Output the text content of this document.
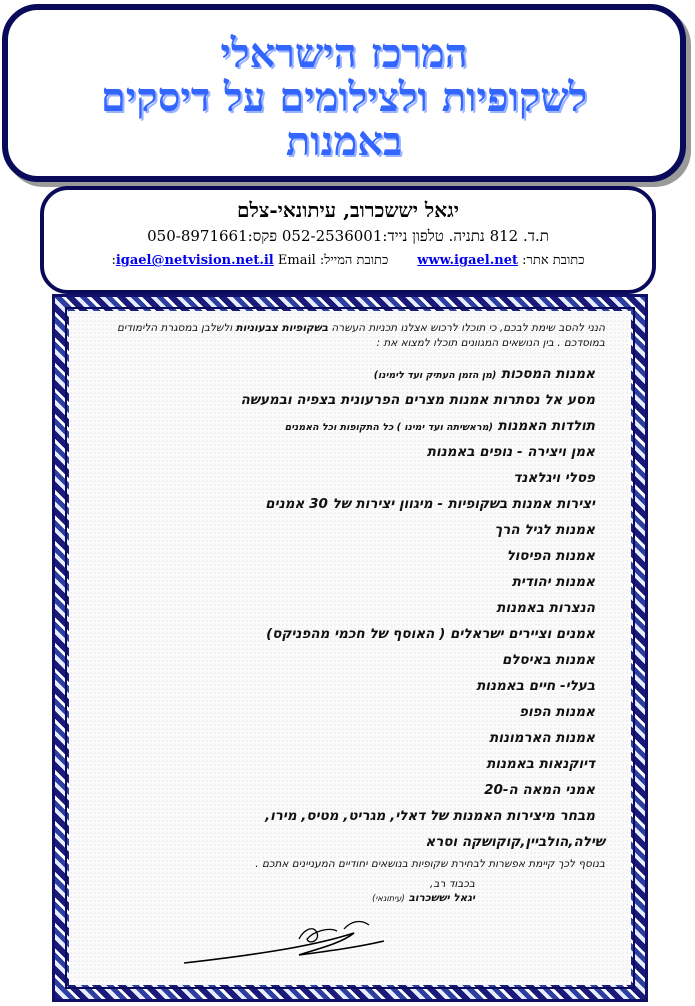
המרכז הישראלי
לשקופיות ולצילומים על דיסקים
באמנות
יגאל יששכרוב, עיתונאי-צלם
ת.ד. 812 נתניה. טלפון נייד:052-2536001 פקס:050-8971661
כתובת אתר: www.igael.net       כתובת המייל: igael@netvision.net.il Email:

הנני להסב שימת לבכם, כי תוכלו לרכוש אצלנו תכניות העשרה בשקופיות צבעוניות ולשלבן במסגרת הלימודים במוסדכם . בין הנושאים המגוונים תוכלו למצוא את :

אמנות המסכות (מן הזמן העתיק ועד לימינו)
מסע אל נסתרות אמנות מצרים הפרעונית בצפיה ובמעשה
תולדות האמנות (מראשיתה ועד ימינו ) כל התקופות וכל האמנים
אמן ויצירה - נופים באמנות
פסלי ויגלאנד
יצירות אמנות בשקופיות - מיגוון יצירות של 30 אמנים
אמנות לגיל הרך
אמנות הפיסול
אמנות יהודית
הנצרות באמנות
אמנים וציירים ישראלים ( האוסף של חכמי מהפניקס)
אמנות באיסלם
בעלי- חיים באמנות
אמנות הפופ
אמנות הארמונות
דיוקנאות באמנות
אמני המאה ה-20
מבחר מיצירות האמנות של דאלי, מגריט, מטיס, מירו,
שילה,הולביין,קוקושקה וסרא
בנוסף לכך קיימת אפשרות לבחירת שקופיות בנושאים יחודיים המעניינים אתכם .
בכבוד רב,
יגאל יששכרוב (עיתונאי)
